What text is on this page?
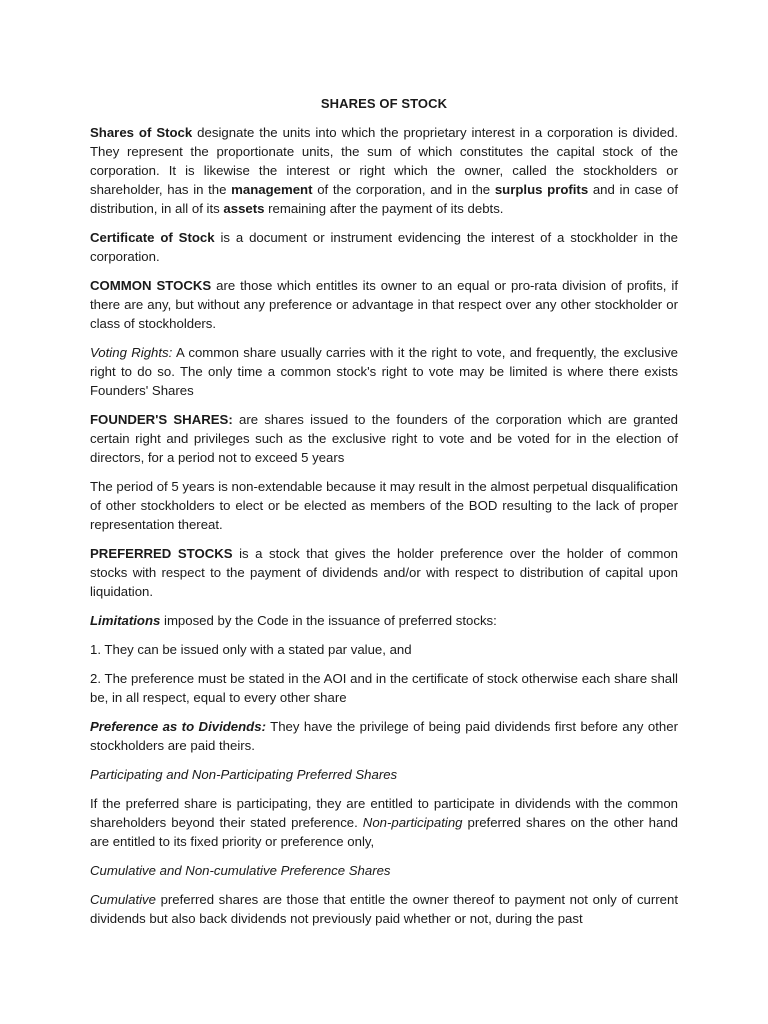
SHARES OF STOCK

Shares of Stock designate the units into which the proprietary interest in a corporation is divided. They represent the proportionate units, the sum of which constitutes the capital stock of the corporation. It is likewise the interest or right which the owner, called the stockholders or shareholder, has in the management of the corporation, and in the surplus profits and in case of distribution, in all of its assets remaining after the payment of its debts.

Certificate of Stock is a document or instrument evidencing the interest of a stockholder in the corporation.

COMMON STOCKS are those which entitles its owner to an equal or pro-rata division of profits, if there are any, but without any preference or advantage in that respect over any other stockholder or class of stockholders.

Voting Rights: A common share usually carries with it the right to vote, and frequently, the exclusive right to do so. The only time a common stock's right to vote may be limited is where there exists Founders' Shares

FOUNDER'S SHARES: are shares issued to the founders of the corporation which are granted certain right and privileges such as the exclusive right to vote and be voted for in the election of directors, for a period not to exceed 5 years

The period of 5 years is non-extendable because it may result in the almost perpetual disqualification of other stockholders to elect or be elected as members of the BOD resulting to the lack of proper representation thereat.

PREFERRED STOCKS is a stock that gives the holder preference over the holder of common stocks with respect to the payment of dividends and/or with respect to distribution of capital upon liquidation.

Limitations imposed by the Code in the issuance of preferred stocks:

1. They can be issued only with a stated par value, and

2. The preference must be stated in the AOI and in the certificate of stock otherwise each share shall be, in all respect, equal to every other share

Preference as to Dividends: They have the privilege of being paid dividends first before any other stockholders are paid theirs.

Participating and Non-Participating Preferred Shares

If the preferred share is participating, they are entitled to participate in dividends with the common shareholders beyond their stated preference. Non-participating preferred shares on the other hand are entitled to its fixed priority or preference only,

Cumulative and Non-cumulative Preference Shares

Cumulative preferred shares are those that entitle the owner thereof to payment not only of current dividends but also back dividends not previously paid whether or not, during the past
